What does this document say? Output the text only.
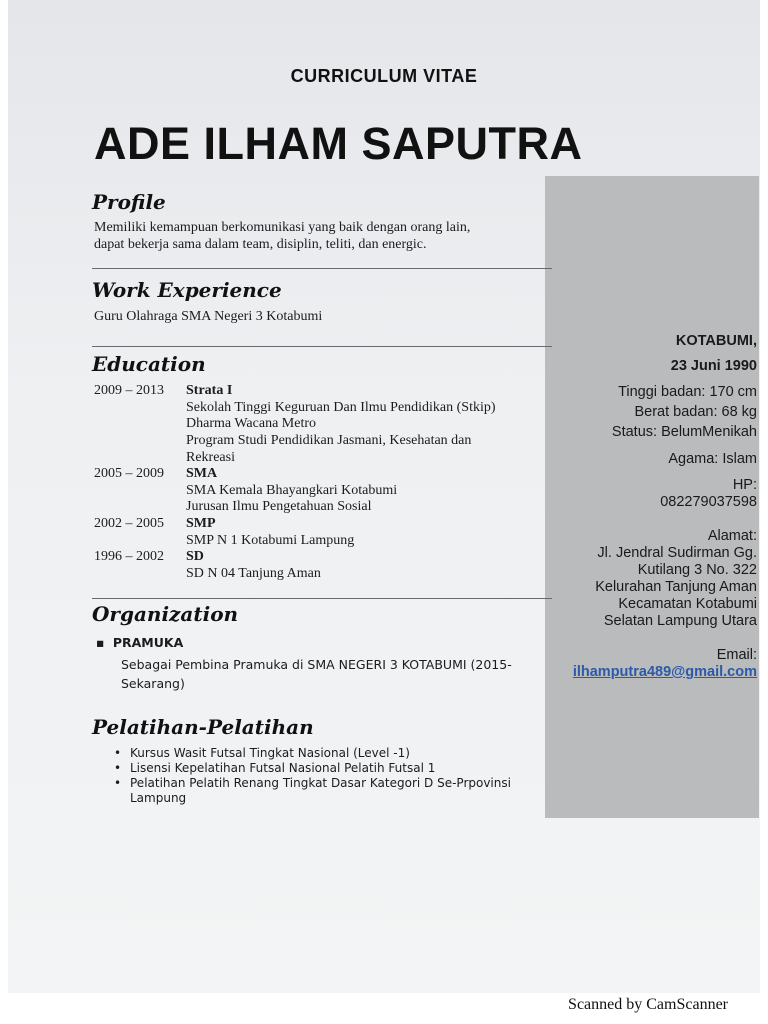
CURRICULUM VITAE
ADE ILHAM SAPUTRA
KOTABUMI,
23 Juni 1990
Tinggi badan: 170 cm
Berat badan: 68 kg
Status: BelumMenikah
Agama: Islam
HP:
082279037598
Alamat:
Jl. Jendral Sudirman Gg.
Kutilang 3 No. 322
Kelurahan Tanjung Aman
Kecamatan Kotabumi
Selatan Lampung Utara
Email:
ilhamputra489@gmail.com
Profile
Memiliki kemampuan berkomunikasi yang baik dengan orang lain,
dapat bekerja sama dalam team, disiplin, teliti, dan energic.
Work Experience
Guru Olahraga SMA Negeri 3 Kotabumi
Education
2009 – 2013	Strata I
Sekolah Tinggi Keguruan Dan Ilmu Pendidikan (Stkip)
Dharma Wacana Metro
Program Studi Pendidikan Jasmani, Kesehatan dan
Rekreasi
2005 – 2009	SMA
SMA Kemala Bhayangkari Kotabumi
Jurusan Ilmu Pengetahuan Sosial
2002 – 2005	SMP
SMP N 1 Kotabumi Lampung
1996 – 2002	SD
SD N 04 Tanjung Aman
Organization
▪ PRAMUKA
Sebagai Pembina Pramuka di SMA NEGERI 3 KOTABUMI (2015-
Sekarang)
Pelatihan-Pelatihan
• Kursus Wasit Futsal Tingkat Nasional (Level -1)
• Lisensi Kepelatihan Futsal Nasional Pelatih Futsal 1
• Pelatihan Pelatih Renang Tingkat Dasar Kategori D Se-Prpovinsi
Lampung
Scanned by CamScanner
